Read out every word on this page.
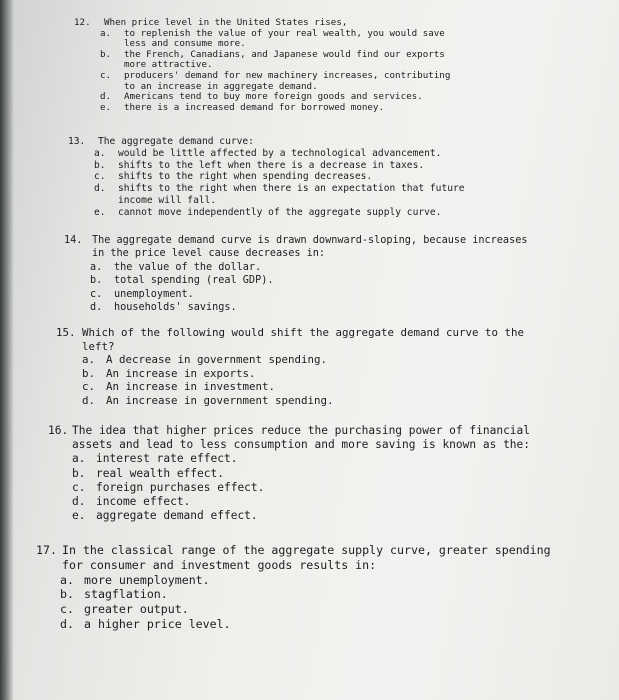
12.	When price level in the United States rises,
a.	to replenish the value of your real wealth, you would save
less and consume more.
b.	the French, Canadians, and Japanese would find our exports
more attractive.
c.	producers' demand for new machinery increases, contributing
to an increase in aggregate demand.
d.	Americans tend to buy more foreign goods and services.
e.	there is a increased demand for borrowed money.
13.	The aggregate demand curve:
a.	would be little affected by a technological advancement.
b.	shifts to the left when there is a decrease in taxes.
c.	shifts to the right when spending decreases.
d.	shifts to the right when there is an expectation that future
income will fall.
e.	cannot move independently of the aggregate supply curve.
14. The aggregate demand curve is drawn downward-sloping, because increases
in the price level cause decreases in:
a.	the value of the dollar.
b.	total spending (real GDP).
c.	unemployment.
d.	households' savings.
15. Which of the following would shift the aggregate demand curve to the
left?
a.	A decrease in government spending.
b.	An increase in exports.
c.	An increase in investment.
d.	An increase in government spending.
16. The idea that higher prices reduce the purchasing power of financial
assets and lead to less consumption and more saving is known as the:
a. interest rate effect.
b. real wealth effect.
c. foreign purchases effect.
d. income effect.
e. aggregate demand effect.
17. In the classical range of the aggregate supply curve, greater spending
for consumer and investment goods results in:
a. more unemployment.
b. stagflation.
c. greater output.
d. a higher price level.
